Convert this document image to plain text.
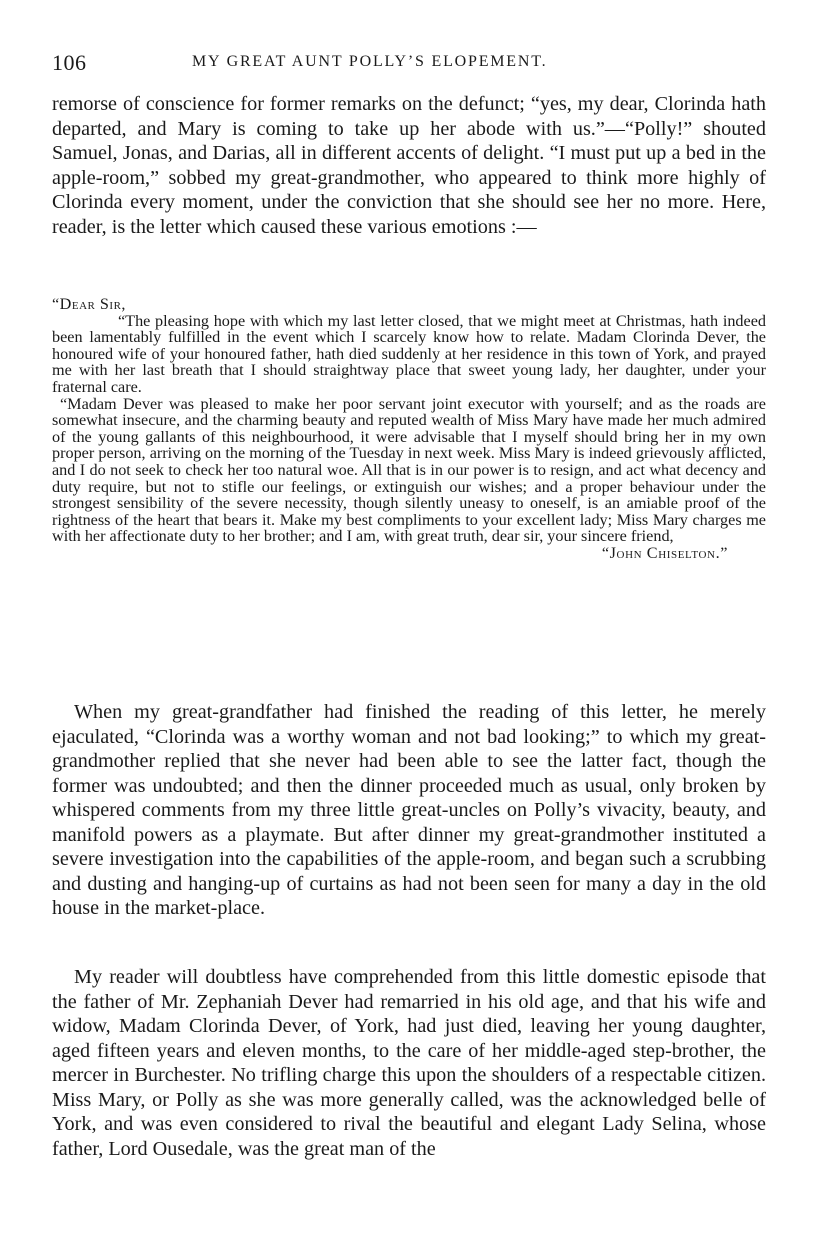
106	MY GREAT AUNT POLLY’S ELOPEMENT.

remorse of conscience for former remarks on the defunct; “yes, my dear, Clorinda hath departed, and Mary is coming to take up her abode with us.”—“Polly!” shouted Samuel, Jonas, and Darias, all in different accents of delight. “I must put up a bed in the apple-room,” sobbed my great-grandmother, who appeared to think more highly of Clorinda every moment, under the conviction that she should see her no more. Here, reader, is the letter which caused these various emotions :—

“Dear Sir,

“The pleasing hope with which my last letter closed, that we might meet at Christmas, hath indeed been lamentably fulfilled in the event which I scarcely know how to relate. Madam Clorinda Dever, the honoured wife of your honoured father, hath died suddenly at her residence in this town of York, and prayed me with her last breath that I should straightway place that sweet young lady, her daughter, under your fraternal care.

“Madam Dever was pleased to make her poor servant joint executor with yourself; and as the roads are somewhat insecure, and the charming beauty and reputed wealth of Miss Mary have made her much admired of the young gallants of this neighbourhood, it were advisable that I myself should bring her in my own proper person, arriving on the morning of the Tuesday in next week. Miss Mary is indeed grievously afflicted, and I do not seek to check her too natural woe. All that is in our power is to resign, and act what decency and duty require, but not to stifle our feelings, or extinguish our wishes; and a proper behaviour under the strongest sensibility of the severe necessity, though silently uneasy to oneself, is an amiable proof of the rightness of the heart that bears it. Make my best compliments to your excellent lady; Miss Mary charges me with her affectionate duty to her brother; and I am, with great truth, dear sir, your sincere friend,

“John Chiselton.”

When my great-grandfather had finished the reading of this letter, he merely ejaculated, “Clorinda was a worthy woman and not bad looking;” to which my great-grandmother replied that she never had been able to see the latter fact, though the former was undoubted; and then the dinner proceeded much as usual, only broken by whispered comments from my three little great-uncles on Polly’s vivacity, beauty, and manifold powers as a playmate. But after dinner my great-grandmother instituted a severe investigation into the capabilities of the apple-room, and began such a scrubbing and dusting and hanging-up of curtains as had not been seen for many a day in the old house in the market-place.

My reader will doubtless have comprehended from this little domestic episode that the father of Mr. Zephaniah Dever had remarried in his old age, and that his wife and widow, Madam Clorinda Dever, of York, had just died, leaving her young daughter, aged fifteen years and eleven months, to the care of her middle-aged step-brother, the mercer in Burchester. No trifling charge this upon the shoulders of a respectable citizen. Miss Mary, or Polly as she was more generally called, was the acknowledged belle of York, and was even considered to rival the beautiful and elegant Lady Selina, whose father, Lord Ousedale, was the great man of the
